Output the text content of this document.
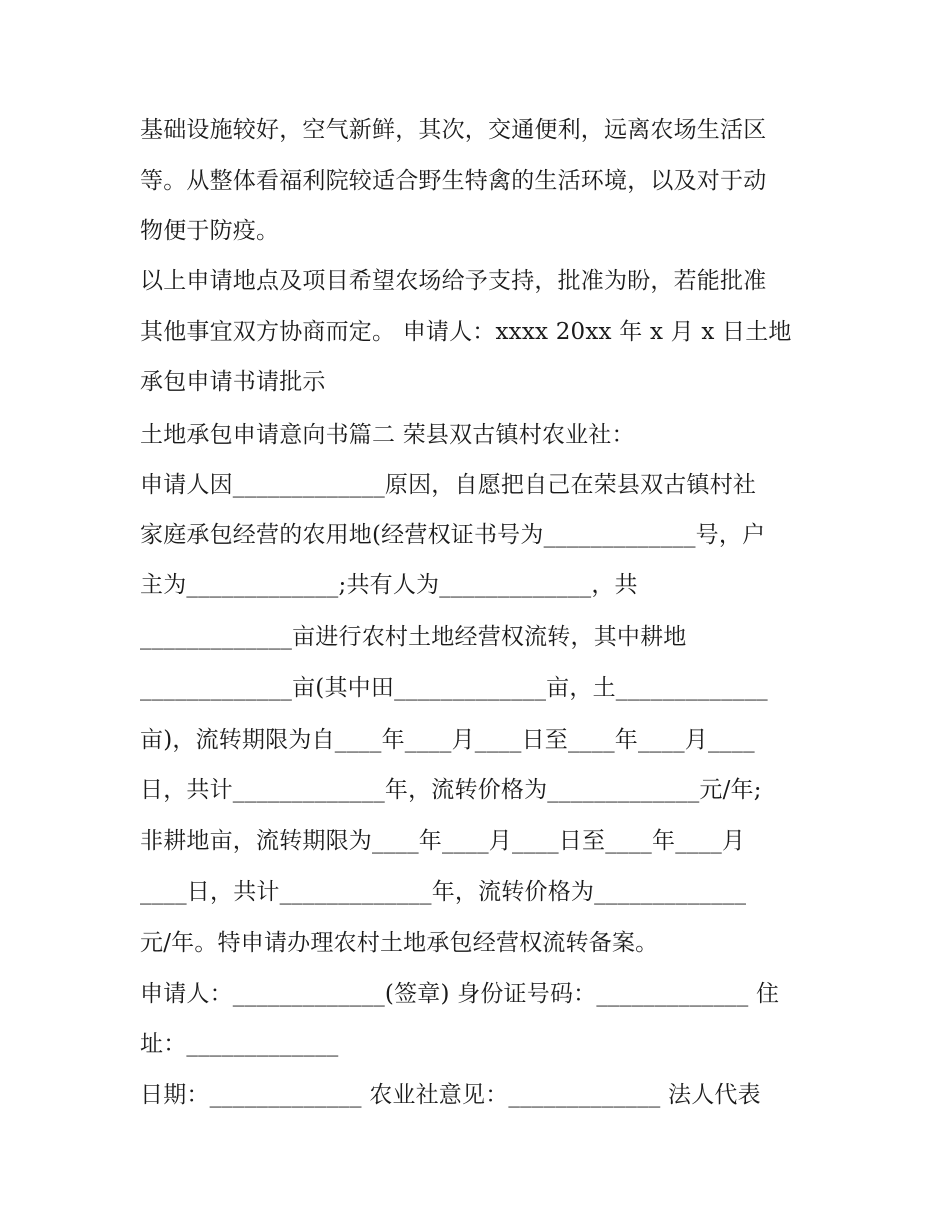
基础设施较好，空气新鲜，其次，交通便利，远离农场生活区
等。从整体看福利院较适合野生特禽的生活环境，以及对于动
物便于防疫。
以上申请地点及项目希望农场给予支持，批准为盼，若能批准
其他事宜双方协商而定。 申请人：xxxx 20xx 年 x 月 x 日土地
承包申请书请批示
土地承包申请意向书篇二 荣县双古镇村农业社：
申请人因_____________原因，自愿把自己在荣县双古镇村社
家庭承包经营的农用地(经营权证书号为_____________号，户
主为_____________;共有人为_____________，共
_____________亩进行农村土地经营权流转，其中耕地
_____________亩(其中田_____________亩，土_____________
亩)，流转期限为自____年____月____日至____年____月____
日，共计_____________年，流转价格为_____________元/年;
非耕地亩，流转期限为____年____月____日至____年____月
____日，共计_____________年，流转价格为_____________
元/年。特申请办理农村土地承包经营权流转备案。
申请人：_____________(签章) 身份证号码：_____________ 住
址：_____________
日期：_____________ 农业社意见：_____________ 法人代表
